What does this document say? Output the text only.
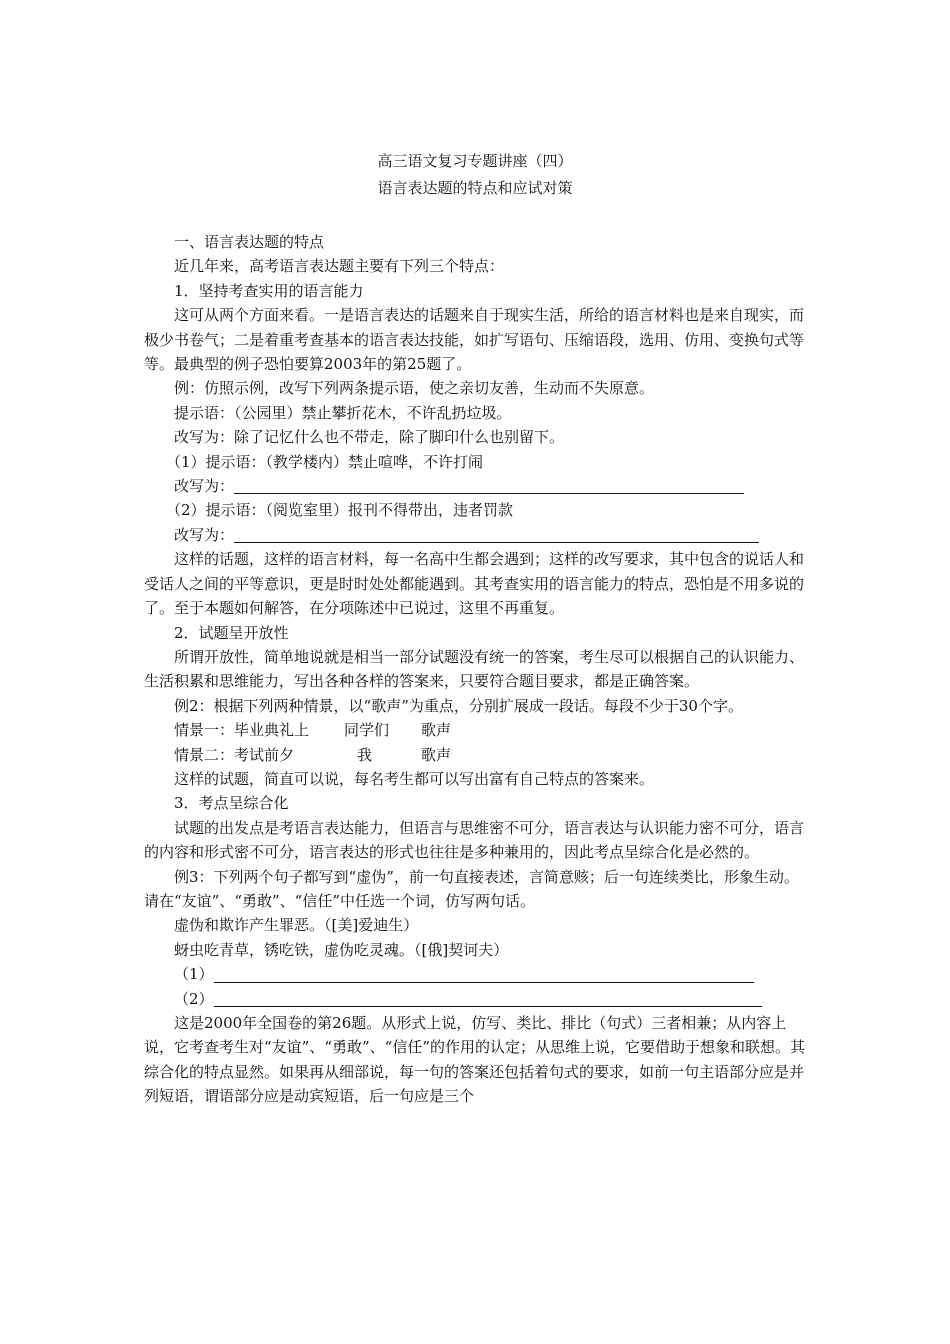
高三语文复习专题讲座（四）
语言表达题的特点和应试对策

一、语言表达题的特点

近几年来，高考语言表达题主要有下列三个特点：

1．坚持考查实用的语言能力

这可从两个方面来看。一是语言表达的话题来自于现实生活，所给的语言材料也是来自现实，而极少书卷气；二是着重考查基本的语言表达技能，如扩写语句、压缩语段，选用、仿用、变换句式等等。最典型的例子恐怕要算2003年的第25题了。

例：仿照示例，改写下列两条提示语，使之亲切友善，生动而不失原意。

提示语：（公园里）禁止攀折花木，不许乱扔垃圾。

改写为：除了记忆什么也不带走，除了脚印什么也别留下。

（1）提示语：（教学楼内）禁止喧哗，不许打闹

改写为：

（2）提示语：（阅览室里）报刊不得带出，违者罚款

改写为：

这样的话题，这样的语言材料，每一名高中生都会遇到；这样的改写要求，其中包含的说话人和受话人之间的平等意识，更是时时处处都能遇到。其考查实用的语言能力的特点，恐怕是不用多说的了。至于本题如何解答，在分项陈述中已说过，这里不再重复。

2．试题呈开放性

所谓开放性，简单地说就是相当一部分试题没有统一的答案，考生尽可以根据自己的认识能力、生活积累和思维能力，写出各种各样的答案来，只要符合题目要求，都是正确答案。

例2：根据下列两种情景，以“歌声”为重点，分别扩展成一段话。每段不少于30个字。

情景一：毕业典礼上	同学们	歌声
情景二：考试前夕	我	歌声

这样的试题，简直可以说，每名考生都可以写出富有自己特点的答案来。

3．考点呈综合化

试题的出发点是考语言表达能力，但语言与思维密不可分，语言表达与认识能力密不可分，语言的内容和形式密不可分，语言表达的形式也往往是多种兼用的，因此考点呈综合化是必然的。

例3：下列两个句子都写到“虚伪”，前一句直接表述，言简意赅；后一句连续类比，形象生动。请在“友谊”、“勇敢”、“信任”中任选一个词，仿写两句话。

虚伪和欺诈产生罪恶。（[美]爱迪生）

蚜虫吃青草，锈吃铁，虚伪吃灵魂。（[俄]契诃夫）

（1）
（2）

这是2000年全国卷的第26题。从形式上说，仿写、类比、排比（句式）三者相兼；从内容上说，它考查考生对“友谊”、“勇敢”、“信任”的作用的认定；从思维上说，它要借助于想象和联想。其综合化的特点显然。如果再从细部说，每一句的答案还包括着句式的要求，如前一句主语部分应是并列短语，谓语部分应是动宾短语，后一句应是三个
